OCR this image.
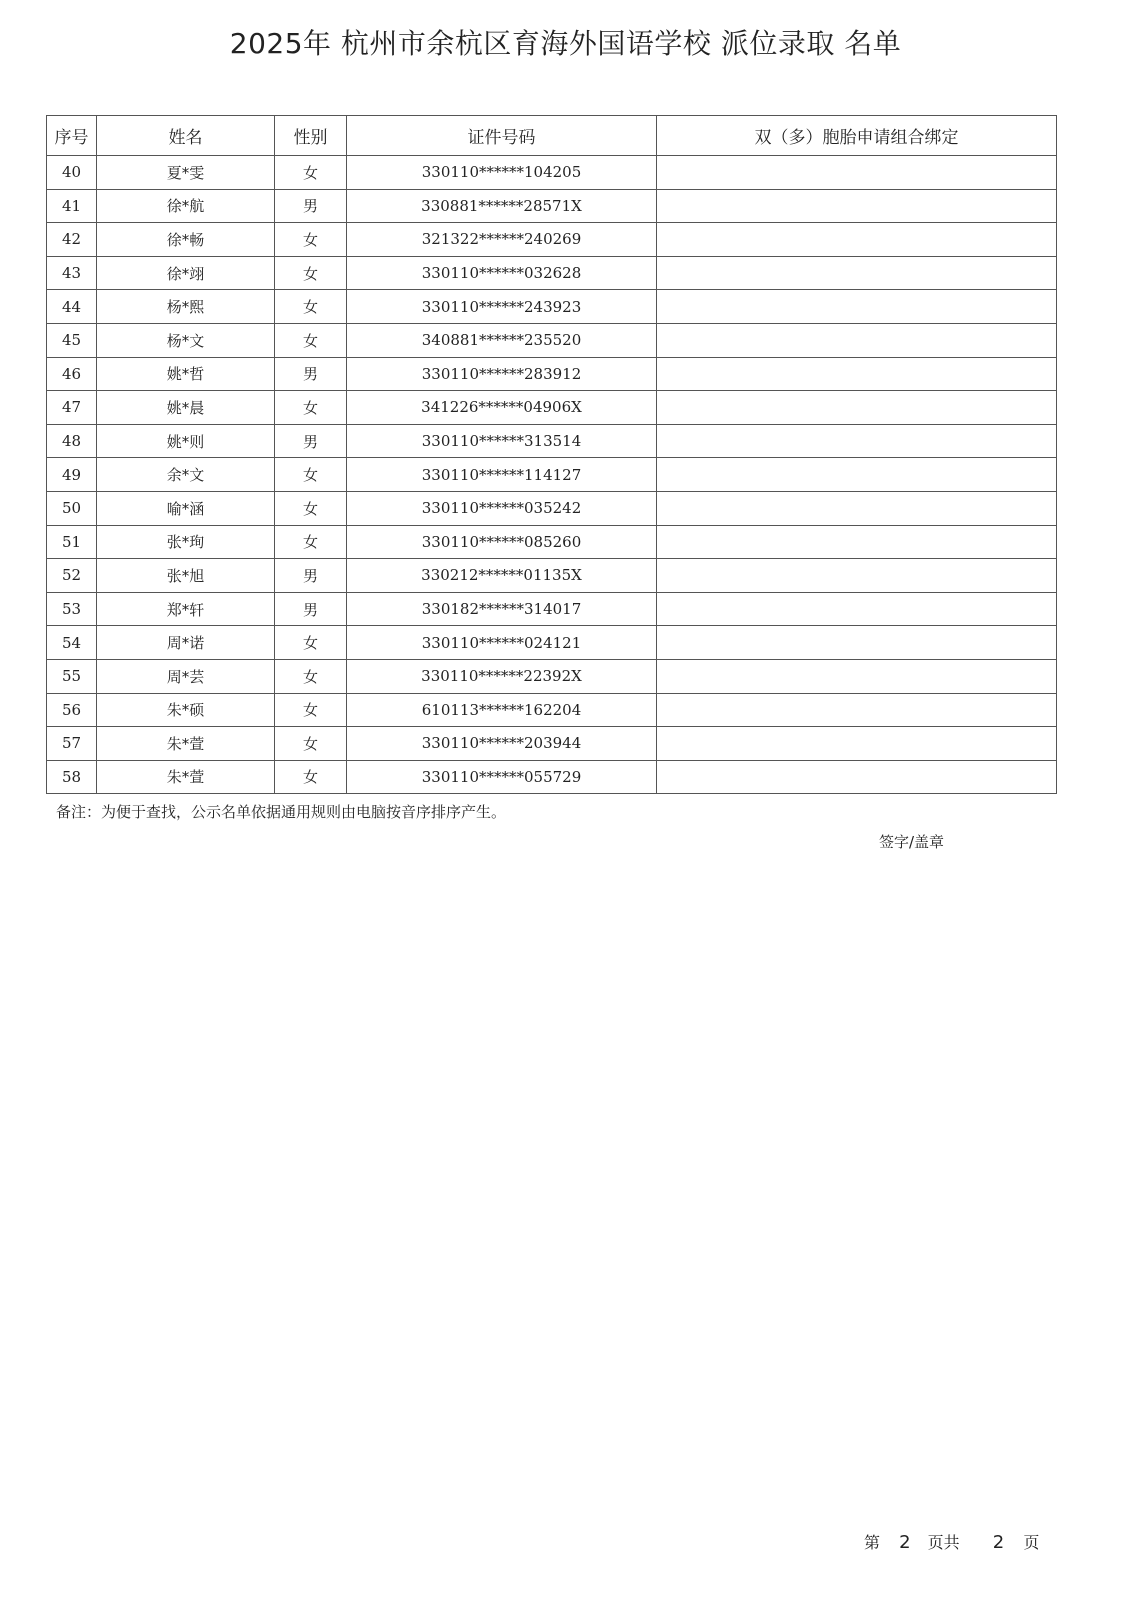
2025年 杭州市余杭区育海外国语学校 派位录取 名单
序号	姓名	性别	证件号码	双（多）胞胎申请组合绑定
40	夏*雯	女	330110******104205	
41	徐*航	男	330881******28571X	
42	徐*畅	女	321322******240269	
43	徐*翊	女	330110******032628	
44	杨*熙	女	330110******243923	
45	杨*文	女	340881******235520	
46	姚*哲	男	330110******283912	
47	姚*晨	女	341226******04906X	
48	姚*则	男	330110******313514	
49	余*文	女	330110******114127	
50	喻*涵	女	330110******035242	
51	张*珣	女	330110******085260	
52	张*旭	男	330212******01135X	
53	郑*轩	男	330182******314017	
54	周*诺	女	330110******024121	
55	周*芸	女	330110******22392X	
56	朱*硕	女	610113******162204	
57	朱*萱	女	330110******203944	
58	朱*萱	女	330110******055729	
备注：为便于查找，公示名单依据通用规则由电脑按音序排序产生。
签字/盖章
第 2 页共 2 页
